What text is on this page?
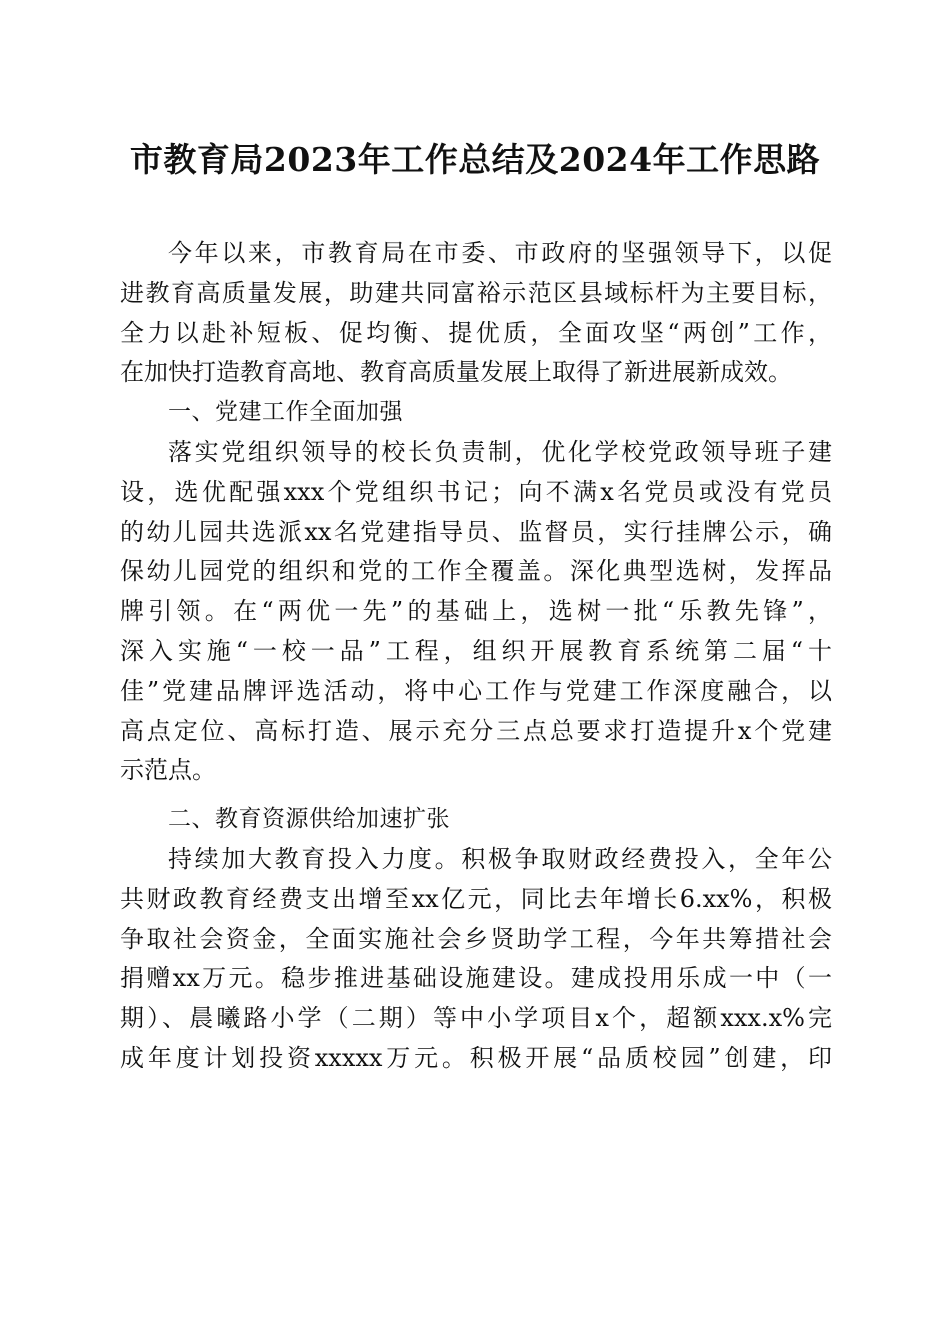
市教育局2023年工作总结及2024年工作思路
今年以来，市教育局在市委、市政府的坚强领导下，以促
进教育高质量发展，助建共同富裕示范区县域标杆为主要目标，
全力以赴补短板、促均衡、提优质，全面攻坚“两创”工作，
在加快打造教育高地、教育高质量发展上取得了新进展新成效。
一、党建工作全面加强
落实党组织领导的校长负责制，优化学校党政领导班子建
设，选优配强xxx个党组织书记；向不满x名党员或没有党员
的幼儿园共选派xx名党建指导员、监督员，实行挂牌公示，确
保幼儿园党的组织和党的工作全覆盖。深化典型选树，发挥品
牌引领。在“两优一先”的基础上，选树一批“乐教先锋”，
深入实施“一校一品”工程，组织开展教育系统第二届“十
佳”党建品牌评选活动，将中心工作与党建工作深度融合，以
高点定位、高标打造、展示充分三点总要求打造提升x个党建
示范点。
二、教育资源供给加速扩张
持续加大教育投入力度。积极争取财政经费投入，全年公
共财政教育经费支出增至xx亿元，同比去年增长6.xx%，积极
争取社会资金，全面实施社会乡贤助学工程，今年共筹措社会
捐赠xx万元。稳步推进基础设施建设。建成投用乐成一中（一
期）、晨曦路小学（二期）等中小学项目x个，超额xxx.x%完
成年度计划投资xxxxx万元。积极开展“品质校园”创建，印
